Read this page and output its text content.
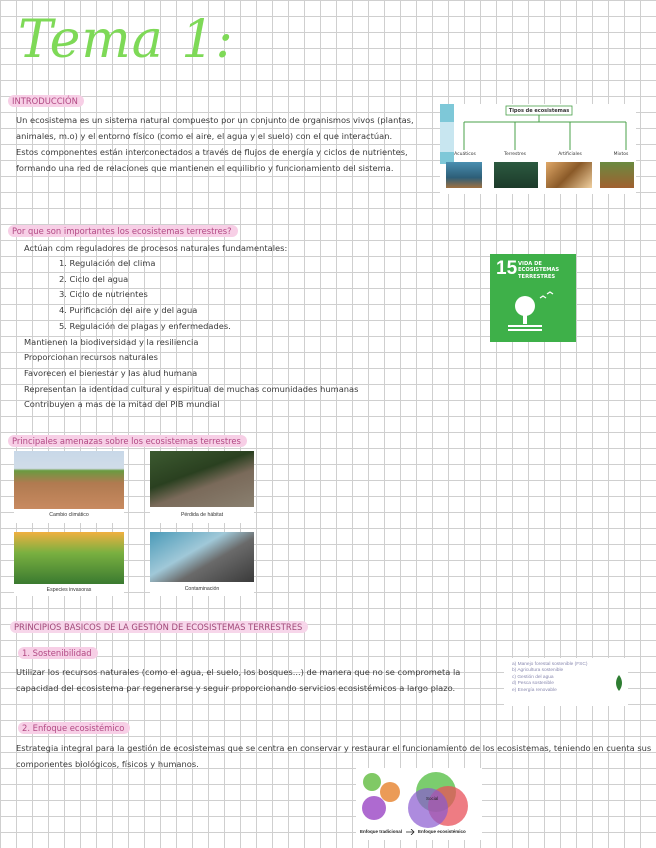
Tema 1:
INTRODUCCIÓN

Un ecosistema es un sistema natural compuesto por un conjunto de organismos vivos (plantas, animales, m.o) y el entorno físico (como el aire, el agua y el suelo) con el que interactúan.

Estos componentes están interconectados a través de flujos de energía y ciclos de nutrientes, formando una red de relaciones que mantienen el equilibrio y funcionamiento del sistema.

Tipos de ecosistemas
Acuáticos	Terrestres	Artificiales	Mixtos
Por que son importantes los ecosistemas terrestres?

Actúan com reguladores de procesos naturales fundamentales:

1. Regulación del clima
2. Ciclo del agua
3. Ciclo de nutrientes
4. Purificación del aire y del agua
5. Regulación de plagas y enfermedades.
Mantienen la biodiversidad y la resiliencia
Proporcionan recursos naturales
Favorecen el bienestar y las alud humana
Representan la identidad cultural y espiritual de muchas comunidades humanas
Contribuyen a mas de la mitad del PIB mundial
15 VIDA DE ECOSISTEMAS TERRESTRES
Principales amenazas sobre los ecosistemas terrestres
Cambio climático	Pérdida de hábitat
Especies invasoras	Contaminación
PRINCIPIOS BASICOS DE LA GESTIÓN DE ECOSISTEMAS TERRESTRES
1. Sostenibilidad
Utilizar los recursos naturales (como el agua, el suelo, los bosques...) de manera que no se comprometa la capacidad del ecosistema par regenerarse y seguir proporcionando servicios ecosistémicos a largo plazo.
a) Manejo forestal sostenible (FSC)
b) Agricultura sostenible
c) Gestión del agua
d) Pesca sostenible
e) Energía renovable
2. Enfoque ecosistémico
Estrategia integral para la gestión de ecosistemas que se centra en conservar y restaurar el funcionamiento de los ecosistemas, teniendo en cuenta sus componentes biológicos, físicos y humanos.
Social
Enfoque tradicional	Enfoque ecosistémico
